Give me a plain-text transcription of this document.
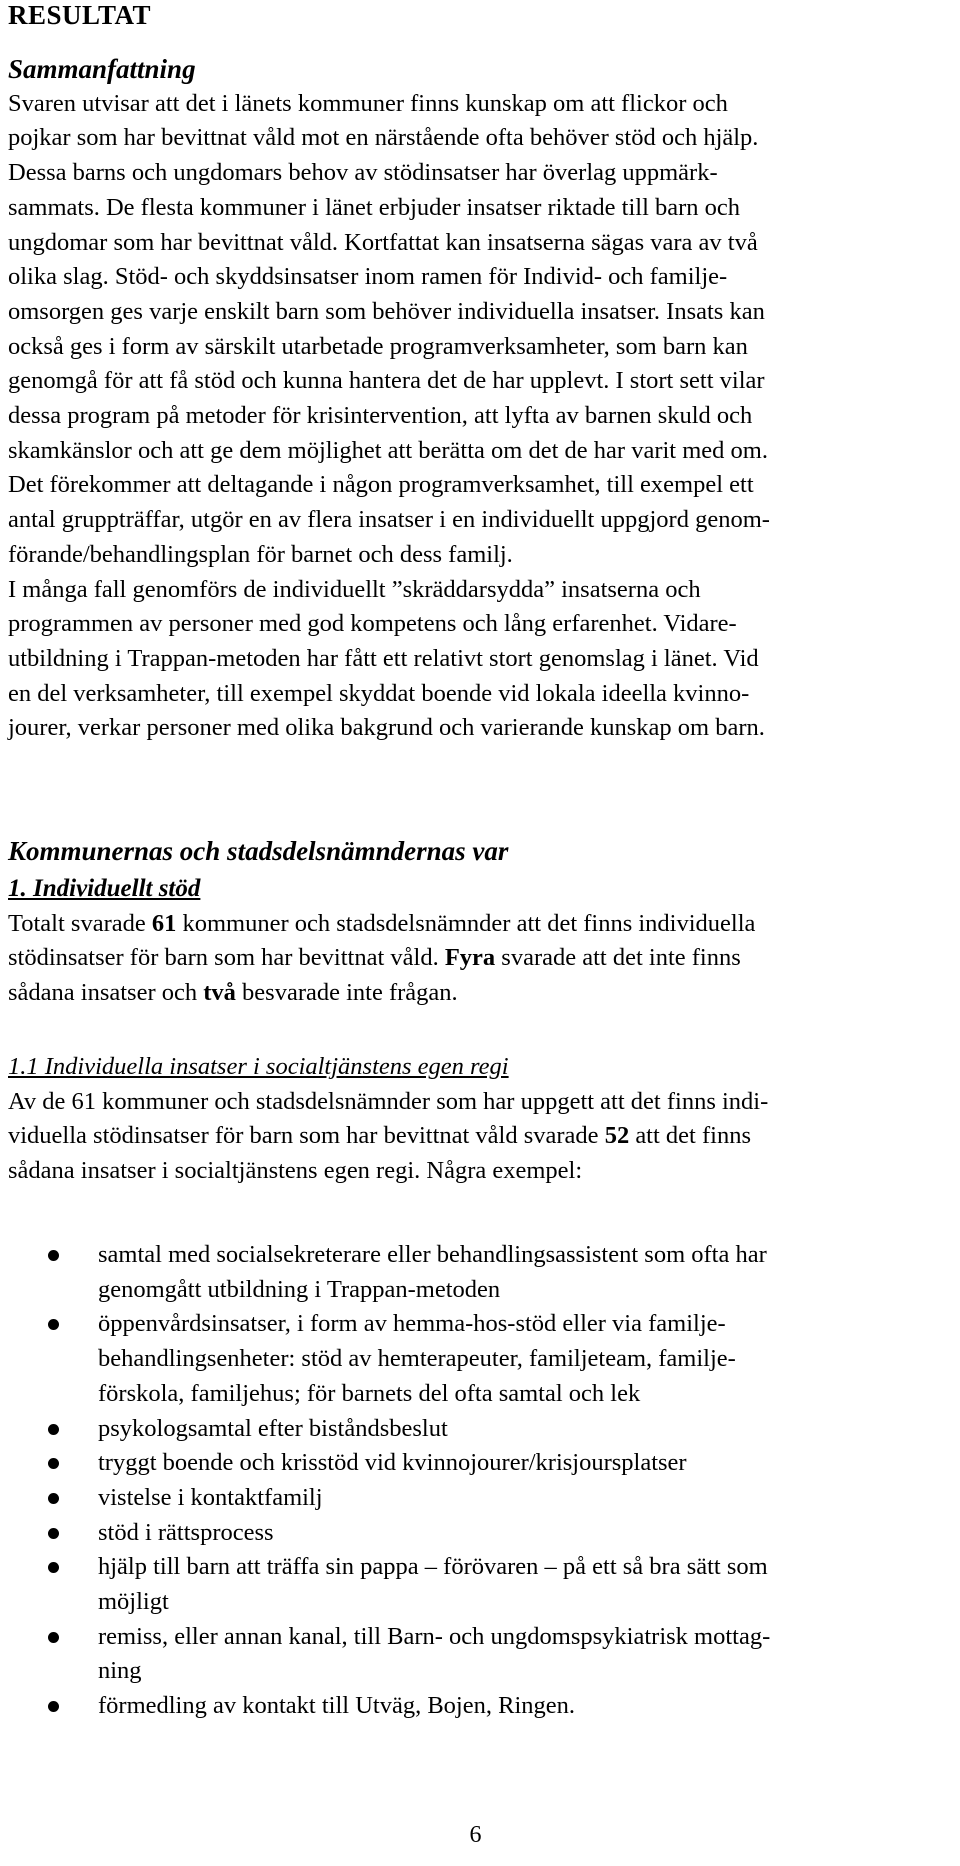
RESULTAT
Sammanfattning
Svaren utvisar att det i länets kommuner finns kunskap om att flickor och
pojkar som har bevittnat våld mot en närstående ofta behöver stöd och hjälp.
Dessa barns och ungdomars behov av stödinsatser har överlag uppmärk-
sammats. De flesta kommuner i länet erbjuder insatser riktade till barn och
ungdomar som har bevittnat våld. Kortfattat kan insatserna sägas vara av två
olika slag. Stöd- och skyddsinsatser inom ramen för Individ- och familje-
omsorgen ges varje enskilt barn som behöver individuella insatser. Insats kan
också ges i form av särskilt utarbetade programverksamheter, som barn kan
genomgå för att få stöd och kunna hantera det de har upplevt. I stort sett vilar
dessa program på metoder för krisintervention, att lyfta av barnen skuld och
skamkänslor och att ge dem möjlighet att berätta om det de har varit med om.
Det förekommer att deltagande i någon programverksamhet, till exempel ett
antal gruppträffar, utgör en av flera insatser i en individuellt uppgjord genom-
förande/behandlingsplan för barnet och dess familj.
I många fall genomförs de individuellt ”skräddarsydda” insatserna och
programmen av personer med god kompetens och lång erfarenhet. Vidare-
utbildning i Trappan-metoden har fått ett relativt stort genomslag i länet. Vid
en del verksamheter, till exempel skyddat boende vid lokala ideella kvinno-
jourer, verkar personer med olika bakgrund och varierande kunskap om barn.
Kommunernas och stadsdelsnämndernas var
1. Individuellt stöd
Totalt svarade 61 kommuner och stadsdelsnämnder att det finns individuella
stödinsatser för barn som har bevittnat våld. Fyra svarade att det inte finns
sådana insatser och två besvarade inte frågan.
1.1 Individuella insatser i socialtjänstens egen regi
Av de 61 kommuner och stadsdelsnämnder som har uppgett att det finns indi-
viduella stödinsatser för barn som har bevittnat våld svarade 52 att det finns
sådana insatser i socialtjänstens egen regi. Några exempel:
samtal med socialsekreterare eller behandlingsassistent som ofta har
genomgått utbildning i Trappan-metoden
öppenvårdsinsatser, i form av hemma-hos-stöd eller via familje-
behandlingsenheter: stöd av hemterapeuter, familjeteam, familje-
förskola, familjehus; för barnets del ofta samtal och lek
psykologsamtal efter biståndsbeslut
tryggt boende och krisstöd vid kvinnojourer/krisjoursplatser
vistelse i kontaktfamilj
stöd i rättsprocess
hjälp till barn att träffa sin pappa – förövaren – på ett så bra sätt som
möjligt
remiss, eller annan kanal, till Barn- och ungdomspsykiatrisk mottag-
ning
förmedling av kontakt till Utväg, Bojen, Ringen.
6
